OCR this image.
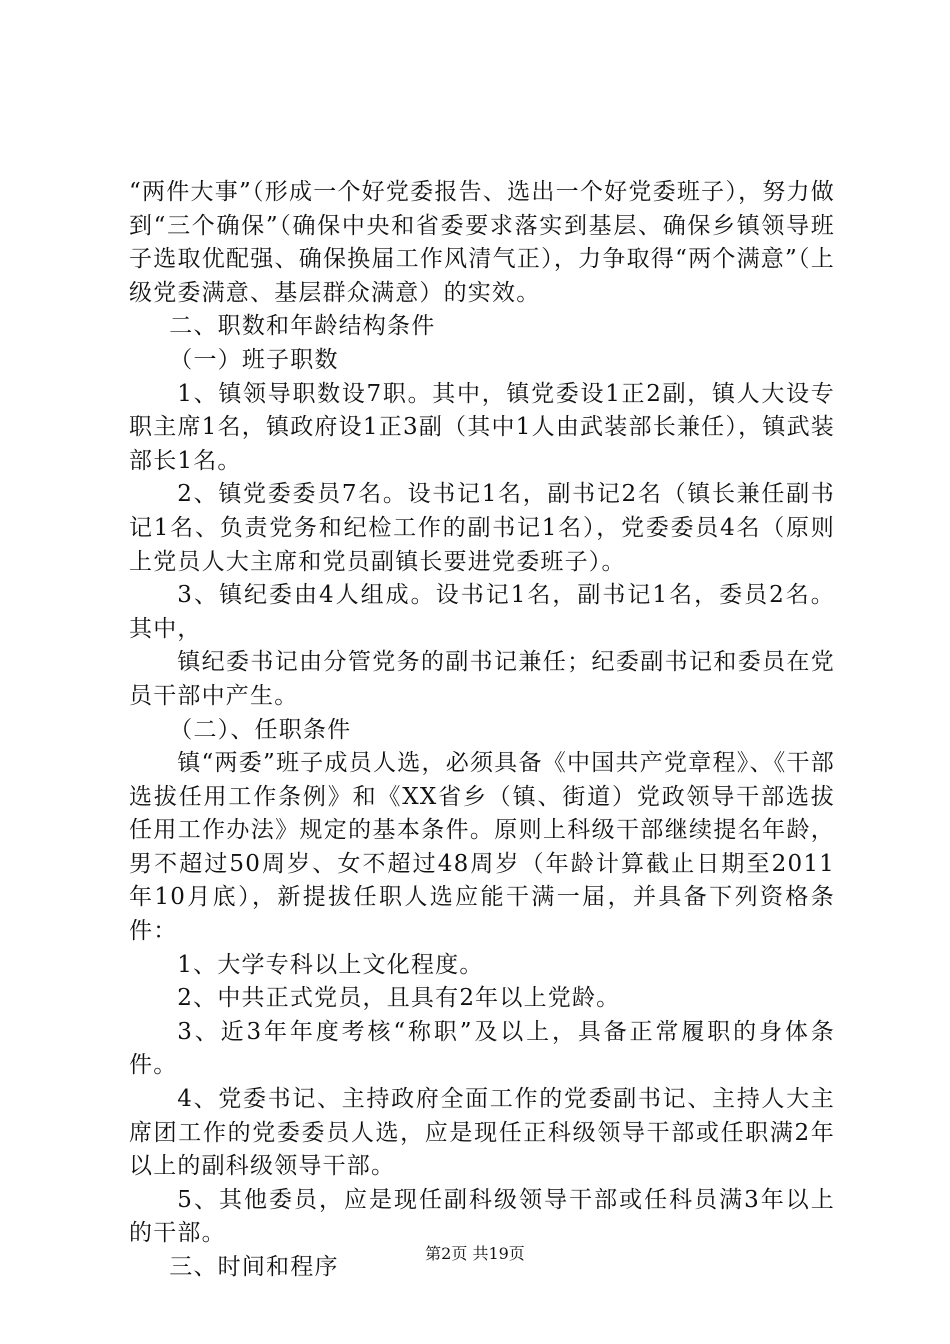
“两件大事”（形成一个好党委报告、选出一个好党委班子），努力做到“三个确保”（确保中央和省委要求落实到基层、确保乡镇领导班子选取优配强、确保换届工作风清气正），力争取得“两个满意”（上级党委满意、基层群众满意）的实效。

二、职数和年龄结构条件

（一）班子职数

1、镇领导职数设7职。其中，镇党委设1正2副，镇人大设专职主席1名，镇政府设1正3副（其中1人由武装部长兼任），镇武装部长1名。

2、镇党委委员7名。设书记1名，副书记2名（镇长兼任副书记1名、负责党务和纪检工作的副书记1名），党委委员4名（原则上党员人大主席和党员副镇长要进党委班子）。

3、镇纪委由4人组成。设书记1名，副书记1名，委员2名。其中，

镇纪委书记由分管党务的副书记兼任；纪委副书记和委员在党员干部中产生。

（二）、任职条件

镇“两委”班子成员人选，必须具备《中国共产党章程》、《干部选拔任用工作条例》和《XX省乡（镇、街道）党政领导干部选拔任用工作办法》规定的基本条件。原则上科级干部继续提名年龄，男不超过50周岁、女不超过48周岁（年龄计算截止日期至2011年10月底），新提拔任职人选应能干满一届，并具备下列资格条件：

1、大学专科以上文化程度。

2、中共正式党员，且具有2年以上党龄。

3、近3年年度考核“称职”及以上，具备正常履职的身体条件。

4、党委书记、主持政府全面工作的党委副书记、主持人大主席团工作的党委委员人选，应是现任正科级领导干部或任职满2年以上的副科级领导干部。

5、其他委员，应是现任副科级领导干部或任科员满3年以上的干部。

三、时间和程序

第2页 共19页
